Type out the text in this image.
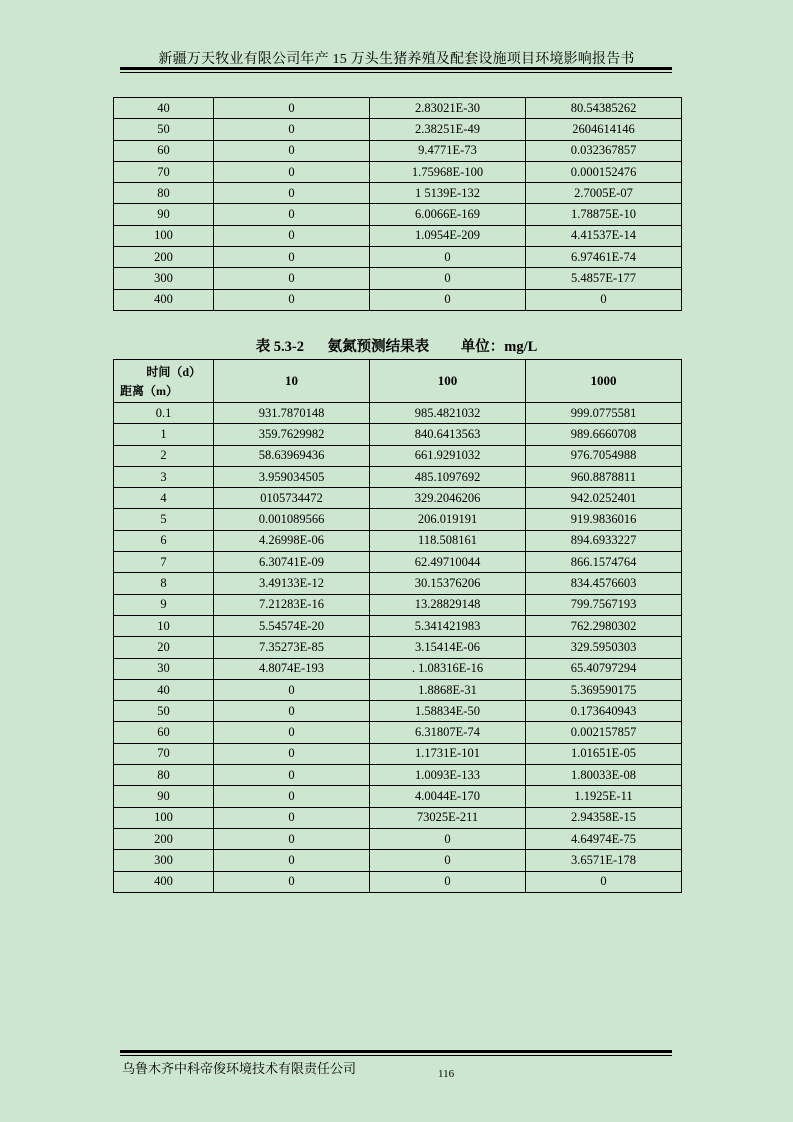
新疆万天牧业有限公司年产 15 万头生猪养殖及配套设施项目环境影响报告书
40	0	2.83021E-30	80.54385262
50	0	2.38251E-49	2604614146
60	0	9.4771E-73	0.032367857
70	0	1.75968E-100	0.000152476
80	0	1 5139E-132	2.7005E-07
90	0	6.0066E-169	1.78875E-10
100	0	1.0954E-209	4.41537E-14
200	0	0	6.97461E-74
300	0	0	5.4857E-177
400	0	0	0
表 5.3-2 氨氮预测结果表 单位：mg/L
时间（d）
距离（m）	10	100	1000
0.1	931.7870148	985.4821032	999.0775581
1	359.7629982	840.6413563	989.6660708
2	58.63969436	661.9291032	976.7054988
3	3.959034505	485.1097692	960.8878811
4	0105734472	329.2046206	942.0252401
5	0.001089566	206.019191	919.9836016
6	4.26998E-06	118.508161	894.6933227
7	6.30741E-09	62.49710044	866.1574764
8	3.49133E-12	30.15376206	834.4576603
9	7.21283E-16	13.28829148	799.7567193
10	5.54574E-20	5.341421983	762.2980302
20	7.35273E-85	3.15414E-06	329.5950303
30	4.8074E-193	. 1.08316E-16	65.40797294
40	0	1.8868E-31	5.369590175
50	0	1.58834E-50	0.173640943
60	0	6.31807E-74	0.002157857
70	0	1.1731E-101	1.01651E-05
80	0	1.0093E-133	1.80033E-08
90	0	4.0044E-170	1.1925E-11
100	0	73025E-211	2.94358E-15
200	0	0	4.64974E-75
300	0	0	3.6571E-178
400	0	0	0
乌鲁木齐中科帝俊环境技术有限责任公司	116
